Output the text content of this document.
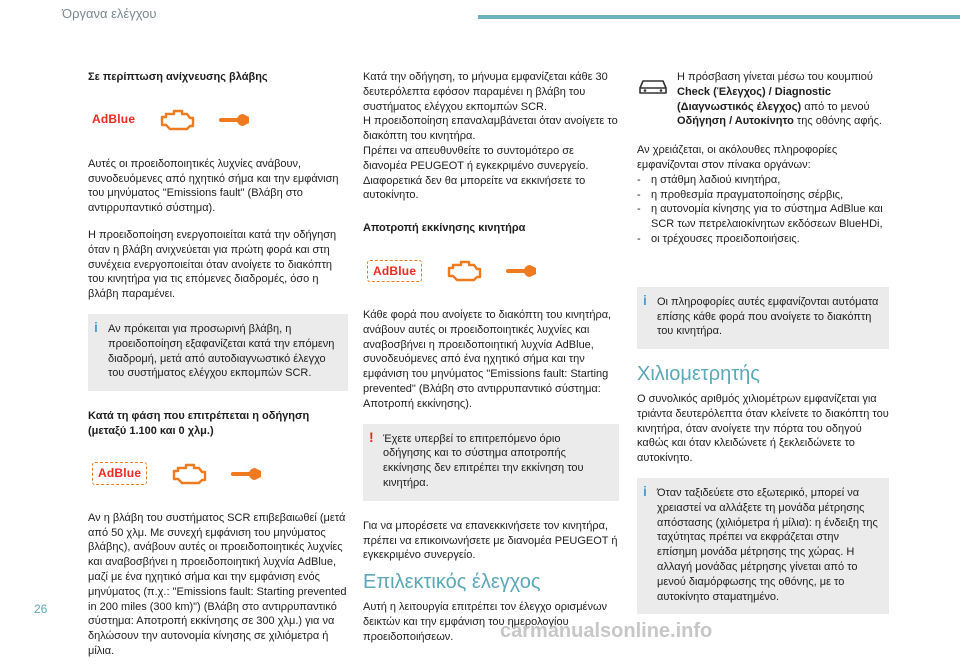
Όργανα ελέγχου
Σε περίπτωση ανίχνευσης βλάβης
AdBlue

Αυτές οι προειδοποιητικές λυχνίες ανάβουν, συνοδευόμενες από ηχητικό σήμα και την εμφάνιση του μηνύματος "Emissions fault" (Βλάβη στο αντιρρυπαντικό σύστημα).

Η προειδοποίηση ενεργοποιείται κατά την οδήγηση όταν η βλάβη ανιχνεύεται για πρώτη φορά και στη συνέχεια ενεργοποιείται όταν ανοίγετε το διακόπτη του κινητήρα για τις επόμενες διαδρομές, όσο η βλάβη παραμένει.

i Αν πρόκειται για προσωρινή βλάβη, η προειδοποίηση εξαφανίζεται κατά την επόμενη διαδρομή, μετά από αυτοδιαγνωστικό έλεγχο του συστήματος ελέγχου εκπομπών SCR.
Κατά τη φάση που επιτρέπεται η οδήγηση (μεταξύ 1.100 και 0 χλμ.)
AdBlue

Αν η βλάβη του συστήματος SCR επιβεβαιωθεί (μετά από 50 χλμ. Με συνεχή εμφάνιση του μηνύματος βλάβης), ανάβουν αυτές οι προειδοποιητικές λυχνίες και αναβοσβήνει η προειδοποιητική λυχνία AdBlue, μαζί με ένα ηχητικό σήμα και την εμφάνιση ενός μηνύματος (π.χ.: "Emissions fault: Starting prevented in 200 miles (300 km)") (Βλάβη στο αντιρρυπαντικό σύστημα: Αποτροπή εκκίνησης σε 300 χλμ.) για να δηλώσουν την αυτονομία κίνησης σε χιλιόμετρα ή μίλια.

Κατά την οδήγηση, το μήνυμα εμφανίζεται κάθε 30 δευτερόλεπτα εφόσον παραμένει η βλάβη του συστήματος ελέγχου εκπομπών SCR.
Η προειδοποίηση επαναλαμβάνεται όταν ανοίγετε το διακόπτη του κινητήρα.
Πρέπει να απευθυνθείτε το συντομότερο σε διανομέα PEUGEOT ή εγκεκριμένο συνεργείο.

Διαφορετικά δεν θα μπορείτε να εκκινήσετε το αυτοκίνητο.

Αποτροπή εκκίνησης κινητήρα
AdBlue

Κάθε φορά που ανοίγετε το διακόπτη του κινητήρα, ανάβουν αυτές οι προειδοποιητικές λυχνίες και αναβοσβήνει η προειδοποιητική λυχνία AdBlue, συνοδευόμενες από ένα ηχητικό σήμα και την εμφάνιση του μηνύματος "Emissions fault: Starting prevented" (Βλάβη στο αντιρρυπαντικό σύστημα: Αποτροπή εκκίνησης).

! Έχετε υπερβεί το επιτρεπόμενο όριο οδήγησης και το σύστημα αποτροπής εκκίνησης δεν επιτρέπει την εκκίνηση του κινητήρα.

Για να μπορέσετε να επανεκκινήσετε τον κινητήρα, πρέπει να επικοινωνήσετε με διανομέα PEUGEOT ή εγκεκριμένο συνεργείο.

Επιλεκτικός έλεγχος

Αυτή η λειτουργία επιτρέπει τον έλεγχο ορισμένων δεικτών και την εμφάνιση του ημερολογίου προειδοποιήσεων.

Η πρόσβαση γίνεται μέσω του κουμπιού Check (Έλεγχος) / Diagnostic (Διαγνωστικός έλεγχος) από το μενού Οδήγηση / Αυτοκίνητο της οθόνης αφής.
Αν χρειάζεται, οι ακόλουθες πληροφορίες εμφανίζονται στον πίνακα οργάνων:
- η στάθμη λαδιού κινητήρα,
- η προθεσμία πραγματοποίησης σέρβις,
- η αυτονομία κίνησης για το σύστημα AdBlue και SCR των πετρελαιοκίνητων εκδόσεων BlueHDi,
- οι τρέχουσες προειδοποιήσεις.
i Οι πληροφορίες αυτές εμφανίζονται αυτόματα επίσης κάθε φορά που ανοίγετε το διακόπτη του κινητήρα.
Χιλιομετρητής

Ο συνολικός αριθμός χιλιομέτρων εμφανίζεται για τριάντα δευτερόλεπτα όταν κλείνετε το διακόπτη του κινητήρα, όταν ανοίγετε την πόρτα του οδηγού καθώς και όταν κλειδώνετε ή ξεκλειδώνετε το αυτοκίνητο.

i Όταν ταξιδεύετε στο εξωτερικό, μπορεί να χρειαστεί να αλλάξετε τη μονάδα μέτρησης απόστασης (χιλιόμετρα ή μίλια): η ένδειξη της ταχύτητας πρέπει να εκφράζεται στην επίσημη μονάδα μέτρησης της χώρας. Η αλλαγή μονάδας μέτρησης γίνεται από το μενού διαμόρφωσης της οθόνης, με το αυτοκίνητο σταματημένο.
26
carmanualsonline.info
